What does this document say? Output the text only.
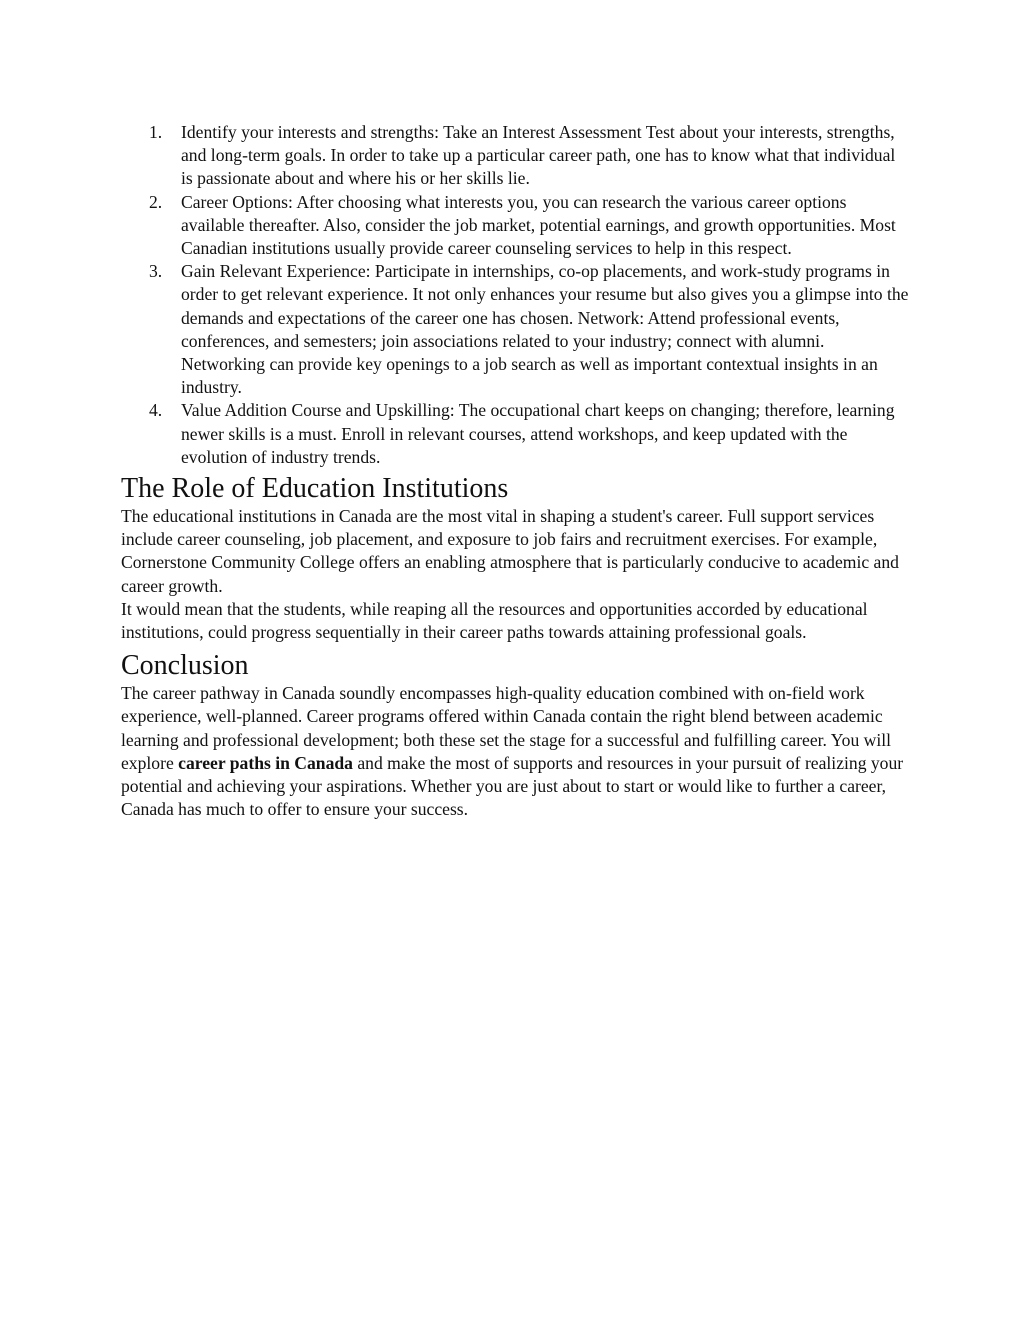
1. Identify your interests and strengths: Take an Interest Assessment Test about your interests, strengths, and long-term goals. In order to take up a particular career path, one has to know what that individual is passionate about and where his or her skills lie.
2. Career Options: After choosing what interests you, you can research the various career options available thereafter. Also, consider the job market, potential earnings, and growth opportunities. Most Canadian institutions usually provide career counseling services to help in this respect.
3. Gain Relevant Experience: Participate in internships, co-op placements, and work-study programs in order to get relevant experience. It not only enhances your resume but also gives you a glimpse into the demands and expectations of the career one has chosen. Network: Attend professional events, conferences, and semesters; join associations related to your industry; connect with alumni. Networking can provide key openings to a job search as well as important contextual insights in an industry.
4. Value Addition Course and Upskilling: The occupational chart keeps on changing; therefore, learning newer skills is a must. Enroll in relevant courses, attend workshops, and keep updated with the evolution of industry trends.
The Role of Education Institutions

The educational institutions in Canada are the most vital in shaping a student's career. Full support services include career counseling, job placement, and exposure to job fairs and recruitment exercises. For example, Cornerstone Community College offers an enabling atmosphere that is particularly conducive to academic and career growth.

It would mean that the students, while reaping all the resources and opportunities accorded by educational institutions, could progress sequentially in their career paths towards attaining professional goals.

Conclusion

The career pathway in Canada soundly encompasses high-quality education combined with on-field work experience, well-planned. Career programs offered within Canada contain the right blend between academic learning and professional development; both these set the stage for a successful and fulfilling career. You will explore career paths in Canada and make the most of supports and resources in your pursuit of realizing your potential and achieving your aspirations. Whether you are just about to start or would like to further a career, Canada has much to offer to ensure your success.
